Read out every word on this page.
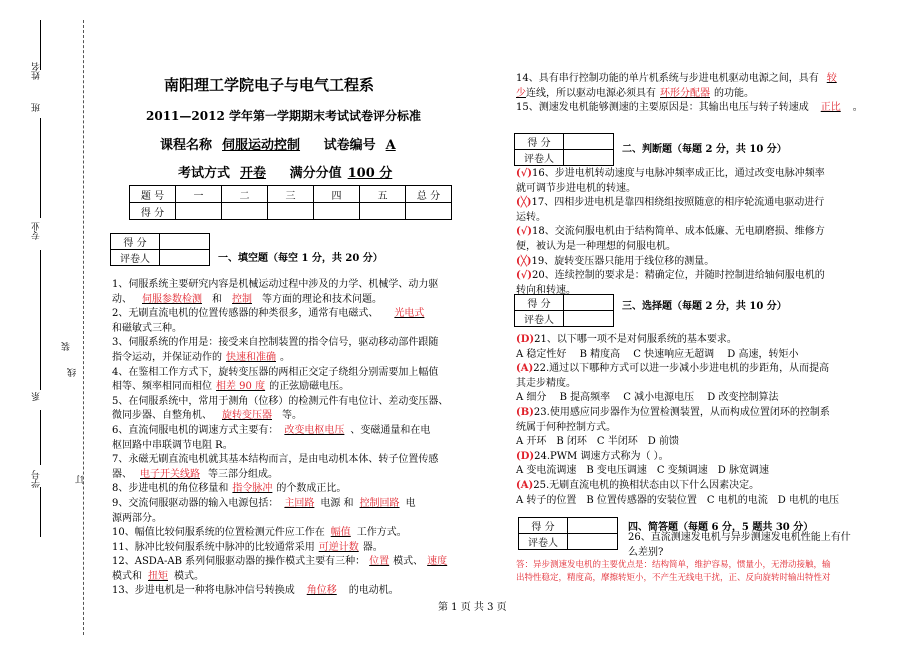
姓名
班
专业
系
学号
装
线
订
南阳理工学院电子与电气工程系
2011—2012 学年第一学期期末考试试卷评分标准
课程名称 伺服运动控制 试卷编号 A
考试方式 开卷 满分分值 100 分
题 号	一	二	三	四	五	总 分
得 分						
得 分	
评卷人		一、填空题（每空 1 分，共 20 分）

1、伺服系统主要研究内容是机械运动过程中涉及的力学、机械学、动力驱

动、 伺服参数检测 和 控制 等方面的理论和技术问题。

2、无刷直流电机的位置传感器的种类很多，通常有电磁式、 光电式

和磁敏式三种。

3、伺服系统的作用是：接受来自控制装置的指令信号，驱动移动部件跟随

指令运动，并保证动作的 快速和准确 。

4、在鉴相工作方式下，旋转变压器的两相正交定子绕组分别需要加上幅值

相等、频率相同而相位 相差 90 度 的正弦励磁电压。

5、在伺服系统中，常用于测角（位移）的检测元件有电位计、差动变压器、

微同步器、自整角机、 旋转变压器 等。

6、直流伺服电机的调速方式主要有： 改变电枢电压 、变磁通量和在电

枢回路中串联调节电阻 R。

7、永磁无刷直流电机就其基本结构而言，是由电动机本体、转子位置传感

器、 电子开关线路 等三部分组成。

8、步进电机的角位移量和 指令脉冲 的个数成正比。

9、交流伺服驱动器的输入电源包括： 主回路 电源 和 控制回路 电

源两部分。

10、幅值比较伺服系统的位置检测元件应工作在 幅值 工作方式。

11、脉冲比较伺服系统中脉冲的比较通常采用 可逆计数 器。

12、ASDA-AB 系列伺服驱动器的操作模式主要有三种： 位置 模式、 速度

模式和 扭矩 模式。

13、步进电机是一种将电脉冲信号转换成 角位移 的电动机。

14、具有串行控制功能的单片机系统与步进电机驱动电源之间，具有 较

少连线，所以驱动电源必须具有 环形分配器 的功能。

15、测速发电机能够测速的主要原因是：其输出电压与转子转速成 正比 。

得 分	
评卷人	
二、判断题（每题 2 分，共 10 分）

(√)16、步进电机转动速度与电脉冲频率成正比，通过改变电脉冲频率

就可调节步进电机的转速。

(╳)17、四相步进电机是靠四相绕组按照随意的相序轮流通电驱动进行

运转。

(√)18、交流伺服电机由于结构简单、成本低廉、无电刷磨损、维修方

便，被认为是一种理想的伺服电机。

(╳)19、旋转变压器只能用于线位移的测量。

(√)20、连续控制的要求是：精确定位，并随时控制进给轴伺服电机的

转向和转速。

得 分	
评卷人	
三、选择题（每题 2 分，共 10 分）

(D)21、以下哪一项不是对伺服系统的基本要求。

A 稳定性好　 B 精度高　 C 快速响应无超调　 D 高速，转矩小

(A)22.通过以下哪种方式可以进一步减小步进电机的步距角，从而提高

其走步精度。

A 细分　 B 提高频率　 C 减小电源电压　 D 改变控制算法

(B)23.使用感应同步器作为位置检测装置，从而构成位置闭环的控制系

统属于何种控制方式。

A 开环　B 闭环　C 半闭环　D 前馈

(D)24.PWM 调速方式称为（ ）。

A 变电流调速　B 变电压调速　C 变频调速　D 脉宽调速

(A)25.无刷直流电机的换相状态由以下什么因素决定。

A 转子的位置　B 位置传感器的安装位置　C 电机的电流　D 电机的电压

得 分	
评卷人	
四、简答题（每题 6 分，5 题共 30 分）

26、直流测速发电机与异步测速发电机性能上有什

么差别?

答：异步测速发电机的主要优点是：结构简单，维护容易，惯量小，无滑动接触，输
出特性稳定，精度高，摩擦转矩小，不产生无线电干扰，正、反向旋转时输出特性对
第 1 页 共 3 页
